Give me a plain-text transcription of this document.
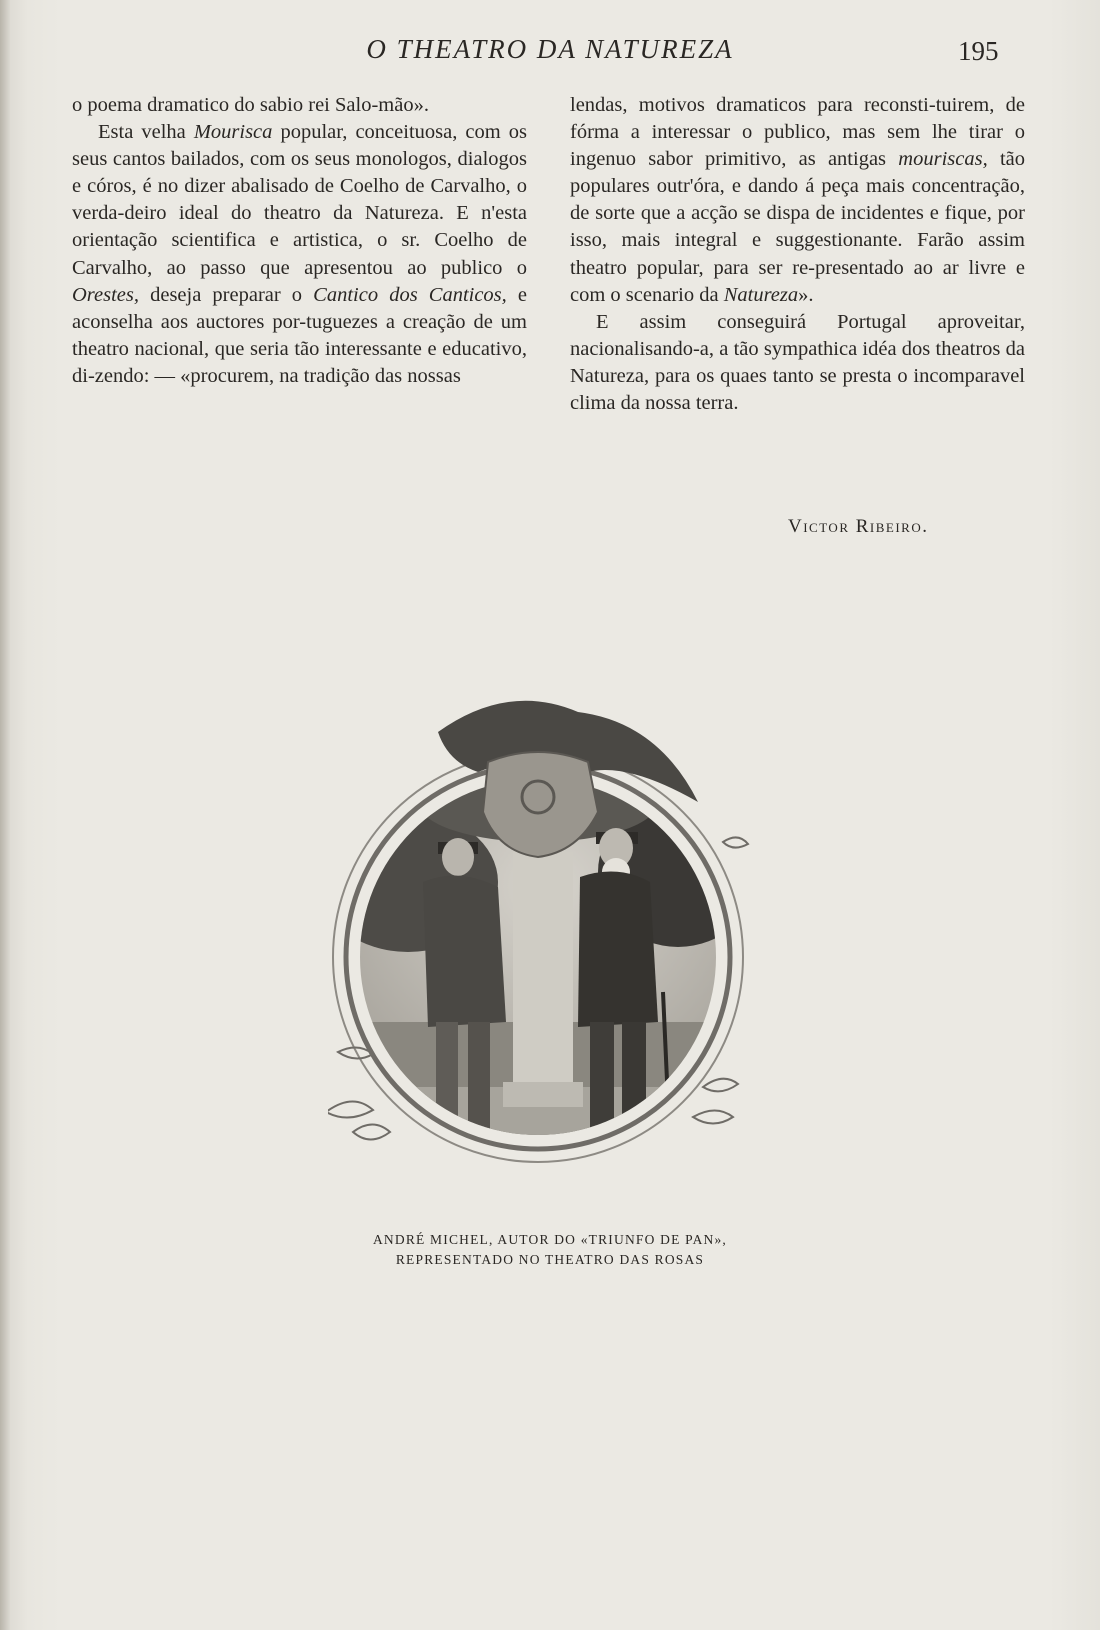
O THEATRO DA NATUREZA	195

o poema dramatico do sabio rei Salo-mão».

Esta velha Mourisca popular, conceituosa, com os seus cantos bailados, com os seus monologos, dialogos e córos, é no dizer abalisado de Coelho de Carvalho, o verda-deiro ideal do theatro da Natureza. E n'esta orientação scientifica e artistica, o sr. Coelho de Carvalho, ao passo que apresentou ao publico o Orestes, deseja preparar o Cantico dos Canticos, e aconselha aos auctores por-tuguezes a creação de um theatro nacional, que seria tão interessante e educativo, di-zendo: — «procurem, na tradição das nossas

lendas, motivos dramaticos para reconsti-tuirem, de fórma a interessar o publico, mas sem lhe tirar o ingenuo sabor primitivo, as antigas mouriscas, tão populares outr'óra, e dando á peça mais concentração, de sorte que a acção se dispa de incidentes e fique, por isso, mais integral e suggestionante. Farão assim theatro popular, para ser re-presentado ao ar livre e com o scenario da Natureza».

E assim conseguirá Portugal aproveitar, nacionalisando-a, a tão sympathica idéa dos theatros da Natureza, para os quaes tanto se presta o incomparavel clima da nossa terra.

Victor Ribeiro.
ANDRÉ MICHEL, AUTOR DO «TRIUNFO DE PAN»,
REPRESENTADO NO THEATRO DAS ROSAS
